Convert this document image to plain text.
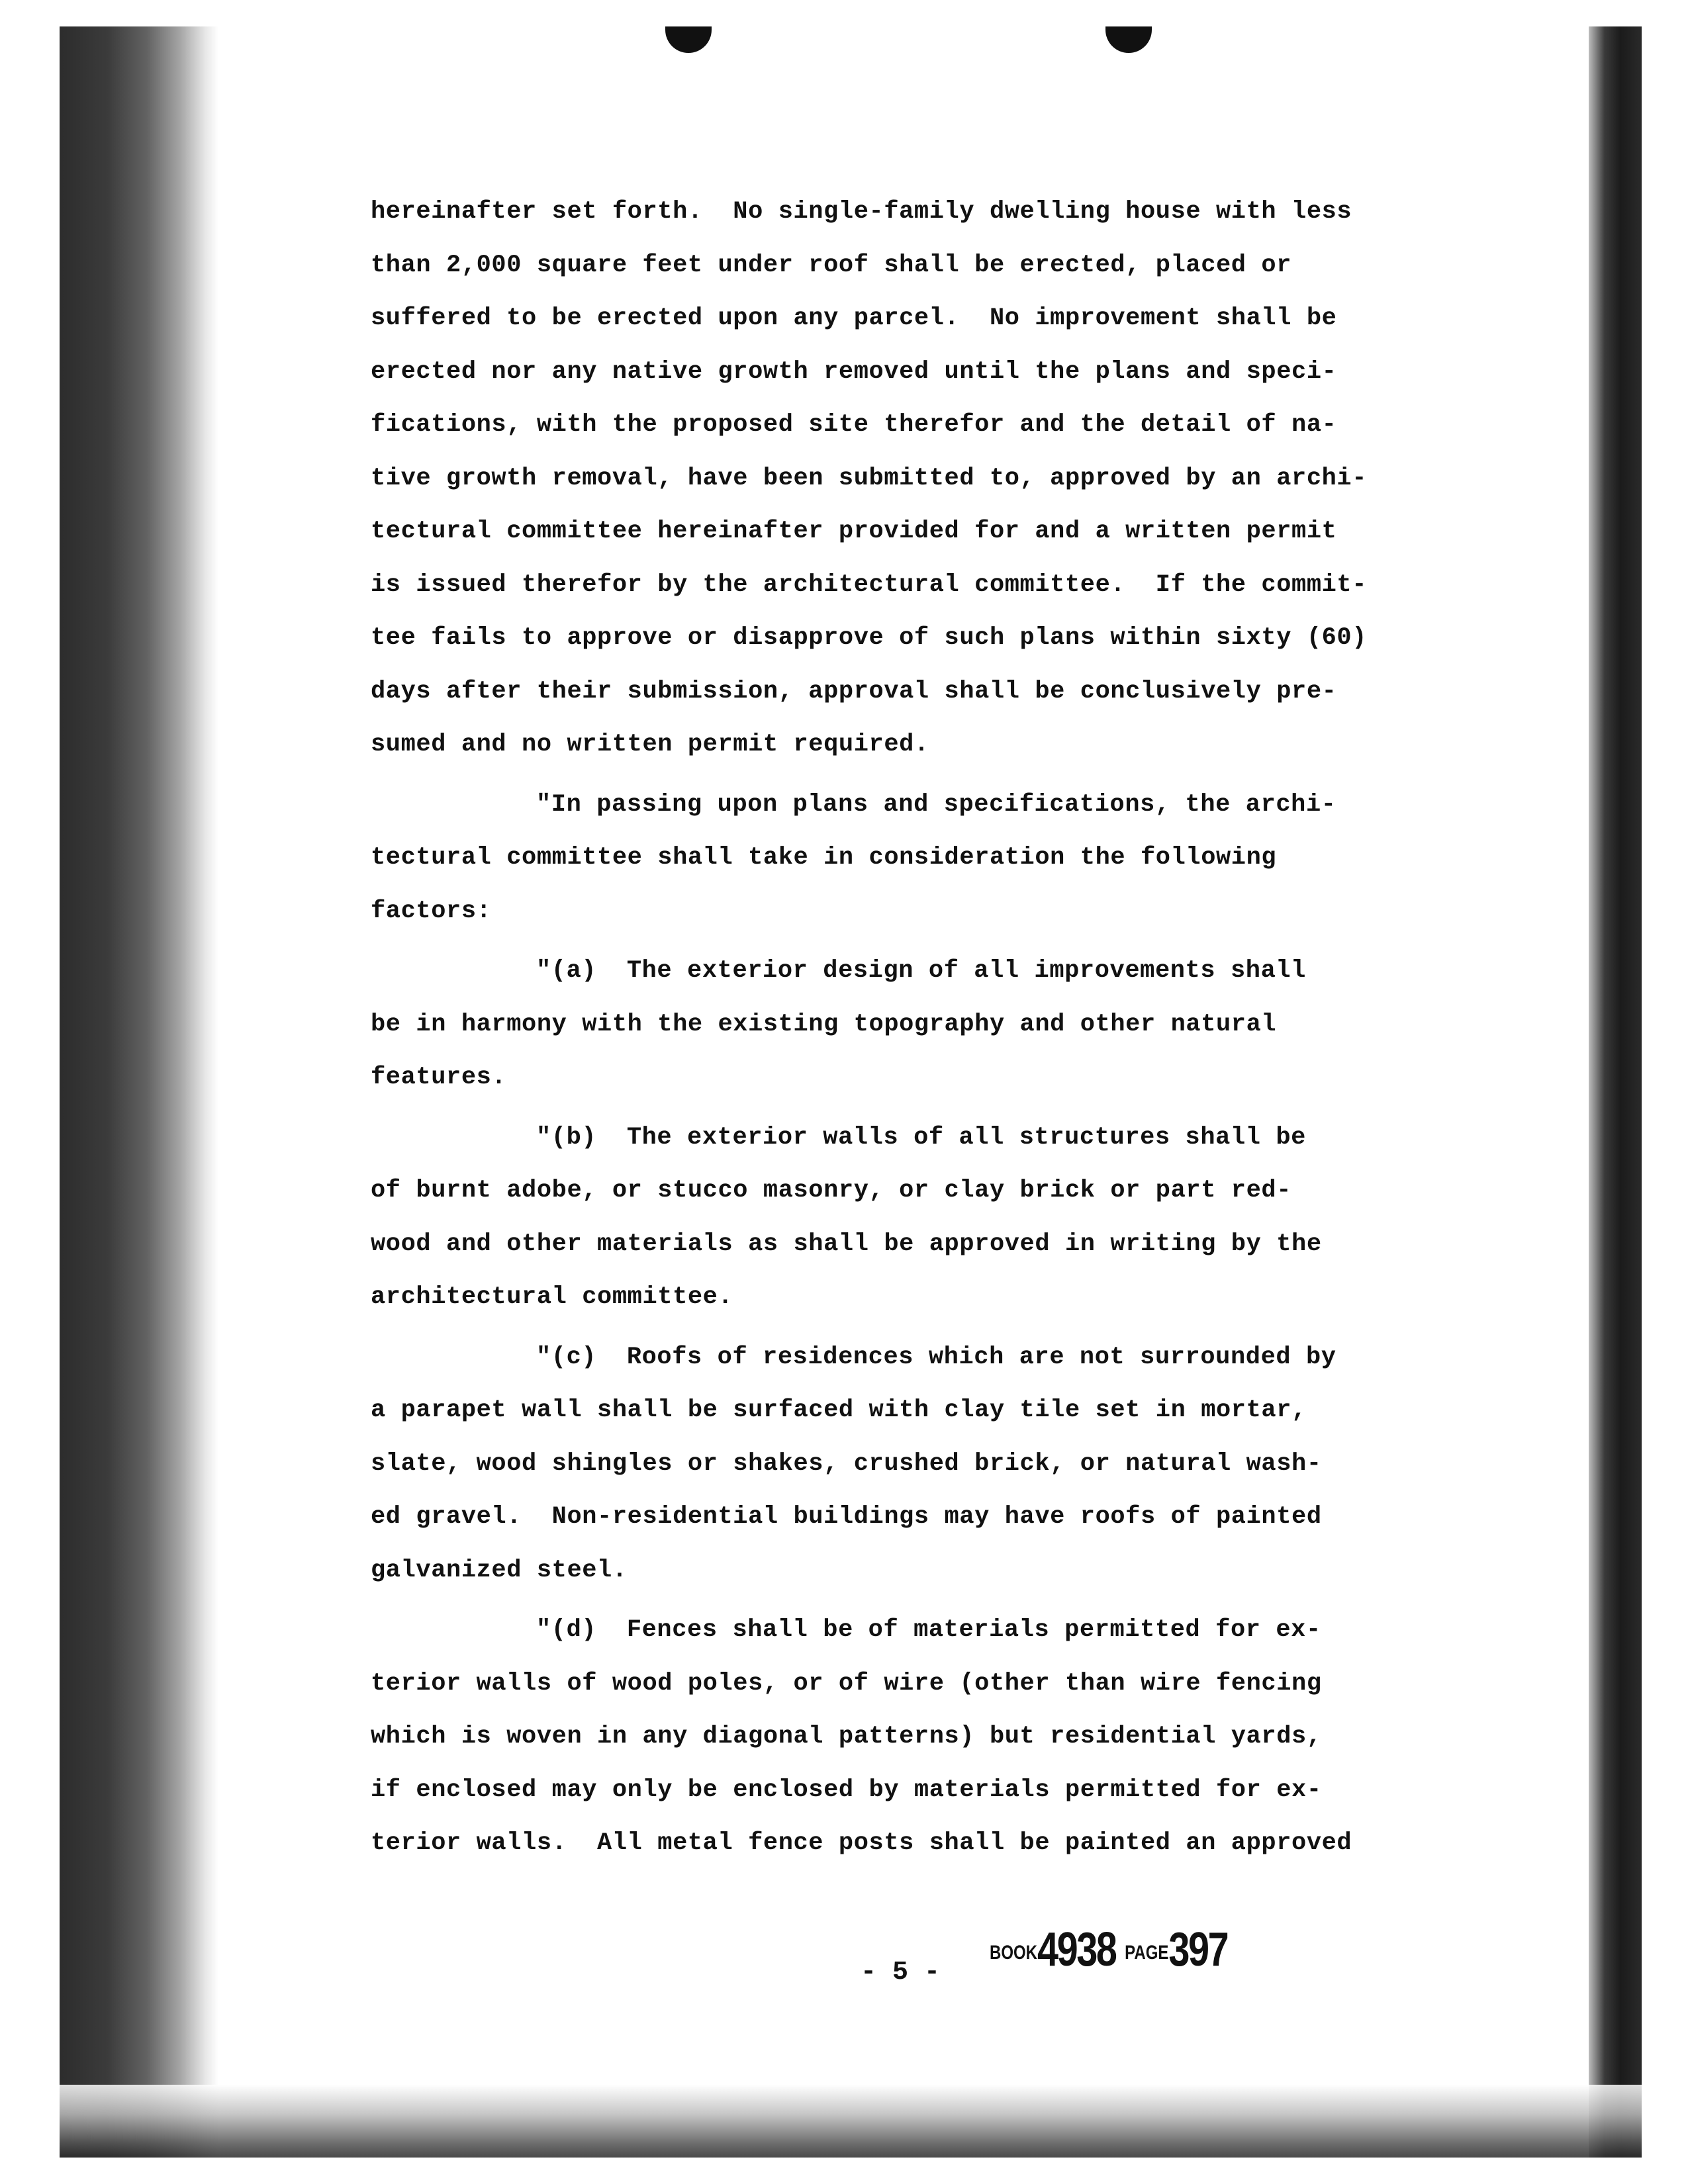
hereinafter set forth.  No single-family dwelling house with less
than 2,000 square feet under roof shall be erected, placed or
suffered to be erected upon any parcel.  No improvement shall be
erected nor any native growth removed until the plans and speci-
fications, with the proposed site therefor and the detail of na-
tive growth removal, have been submitted to, approved by an archi-
tectural committee hereinafter provided for and a written permit
is issued therefor by the architectural committee.  If the commit-
tee fails to approve or disapprove of such plans within sixty (60)
days after their submission, approval shall be conclusively pre-
sumed and no written permit required.
"In passing upon plans and specifications, the archi-
tectural committee shall take in consideration the following
factors:
"(a)  The exterior design of all improvements shall
be in harmony with the existing topography and other natural
features.
"(b)  The exterior walls of all structures shall be
of burnt adobe, or stucco masonry, or clay brick or part red-
wood and other materials as shall be approved in writing by the
architectural committee.
"(c)  Roofs of residences which are not surrounded by
a parapet wall shall be surfaced with clay tile set in mortar,
slate, wood shingles or shakes, crushed brick, or natural wash-
ed gravel.  Non-residential buildings may have roofs of painted
galvanized steel.
"(d)  Fences shall be of materials permitted for ex-
terior walls of wood poles, or of wire (other than wire fencing
which is woven in any diagonal patterns) but residential yards,
if enclosed may only be enclosed by materials permitted for ex-
terior walls.  All metal fence posts shall be painted an approved
- 5 -
BOOK4938 PAGE397
